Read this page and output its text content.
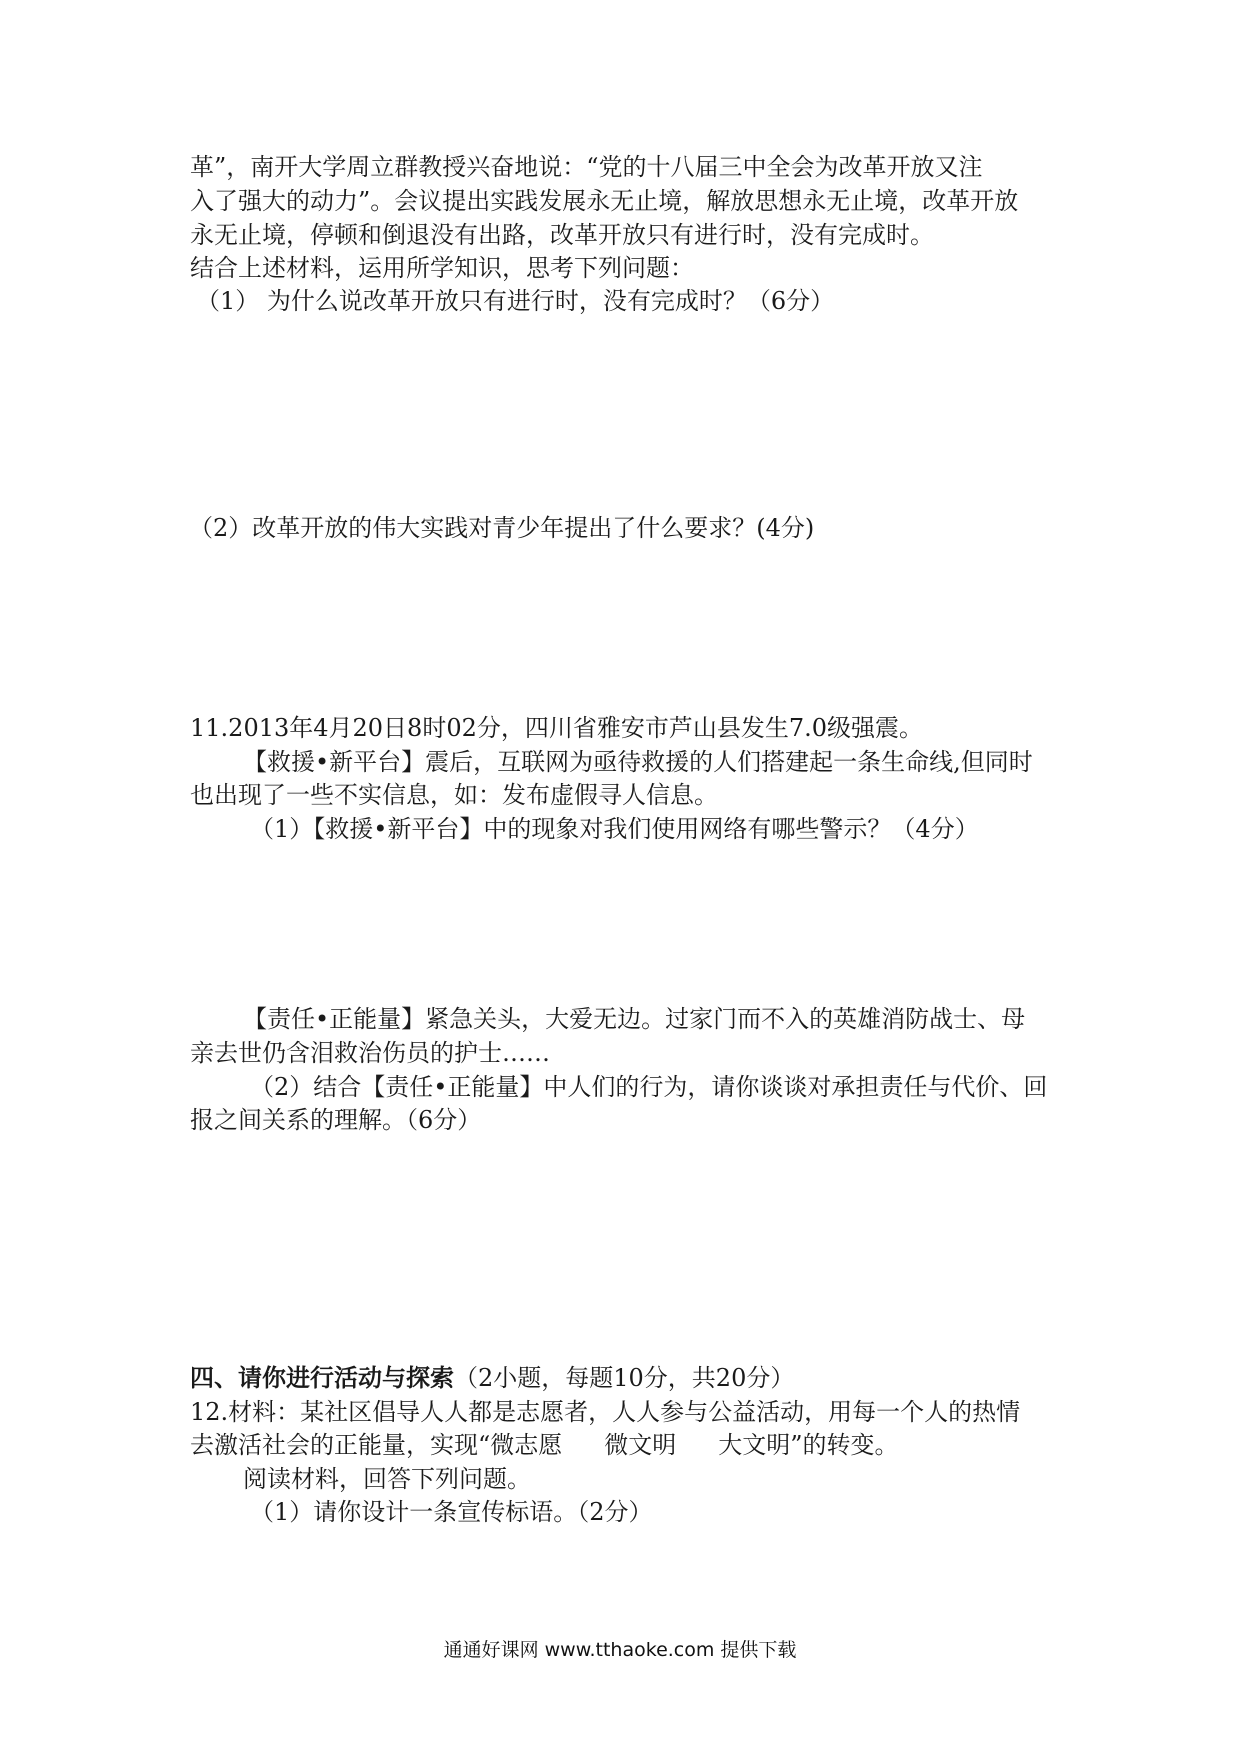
革”，南开大学周立群教授兴奋地说：“党的十八届三中全会为改革开放又注
入了强大的动力”。会议提出实践发展永无止境，解放思想永无止境，改革开放
永无止境，停顿和倒退没有出路，改革开放只有进行时，没有完成时。
结合上述材料，运用所学知识，思考下列问题：
（1） 为什么说改革开放只有进行时，没有完成时？（6分）
（2）改革开放的伟大实践对青少年提出了什么要求？(4分)
11.2013年4月20日8时02分，四川省雅安市芦山县发生7.0级强震。
【救援•新平台】震后，互联网为亟待救援的人们搭建起一条生命线,但同时
也出现了一些不实信息，如：发布虚假寻人信息。
（1）【救援•新平台】中的现象对我们使用网络有哪些警示？（4分）
【责任•正能量】紧急关头，大爱无边。过家门而不入的英雄消防战士、母
亲去世仍含泪救治伤员的护士……
（2）结合【责任•正能量】中人们的行为，请你谈谈对承担责任与代价、回
报之间关系的理解。（6分）
四、请你进行活动与探索（2小题，每题10分，共20分）
12.材料：某社区倡导人人都是志愿者，人人参与公益活动，用每一个人的热情
去激活社会的正能量，实现“微志愿 微文明 大文明”的转变。
阅读材料，回答下列问题。
（1）请你设计一条宣传标语。（2分）
通通好课网 www.tthaoke.com 提供下载
